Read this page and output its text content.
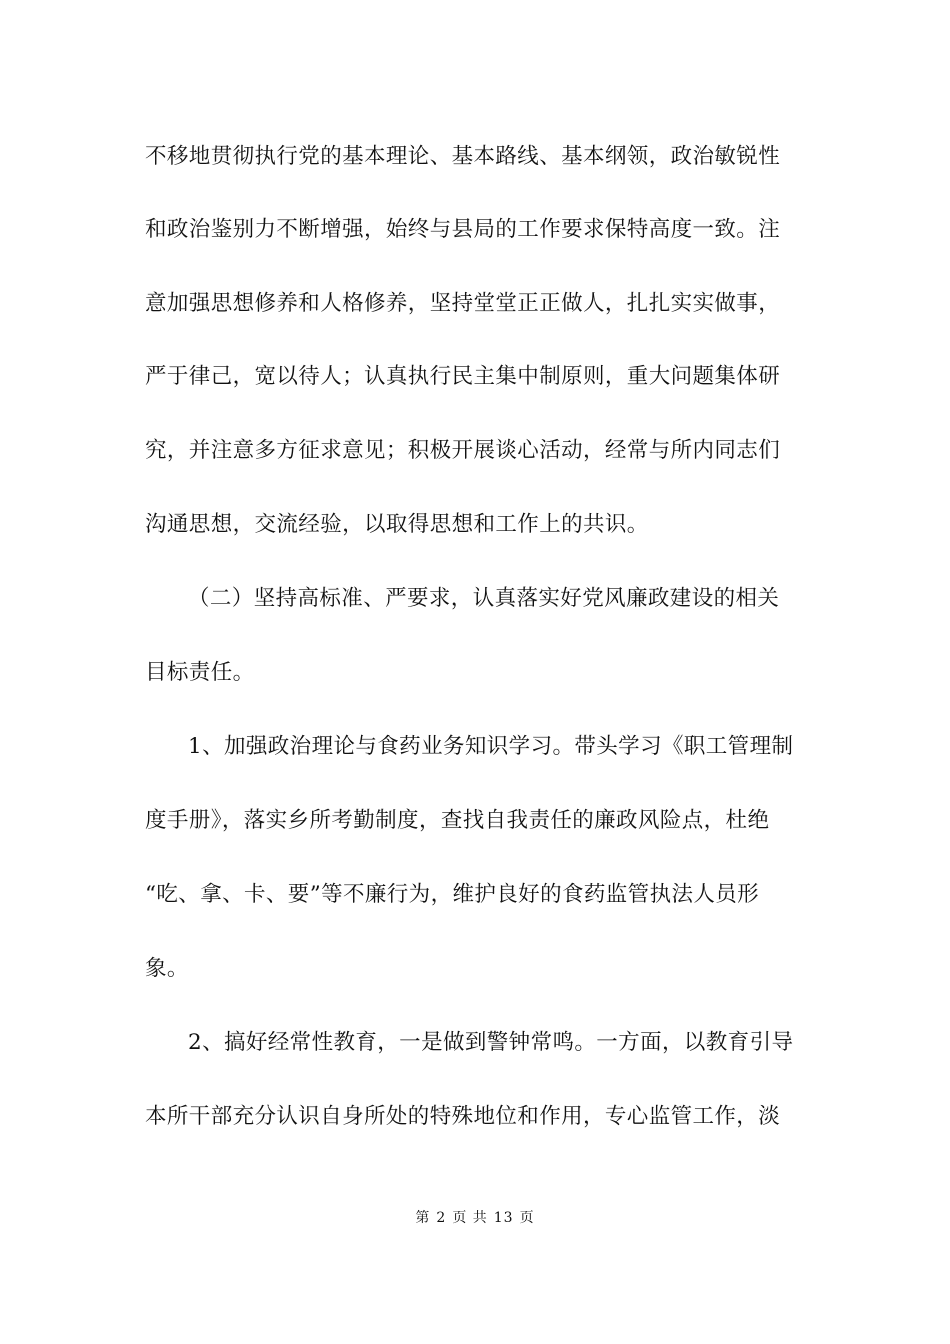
不移地贯彻执行党的基本理论、基本路线、基本纲领，政治敏锐性
和政治鉴别力不断增强，始终与县局的工作要求保特高度一致。注
意加强思想修养和人格修养，坚持堂堂正正做人，扎扎实实做事，
严于律己，宽以待人；认真执行民主集中制原则，重大问题集体研
究，并注意多方征求意见；积极开展谈心活动，经常与所内同志们
沟通思想，交流经验，以取得思想和工作上的共识。
（二）坚持高标准、严要求，认真落实好党风廉政建设的相关
目标责任。
1、加强政治理论与食药业务知识学习。带头学习《职工管理制
度手册》，落实乡所考勤制度，查找自我责任的廉政风险点，杜绝
“吃、拿、卡、要”等不廉行为，维护良好的食药监管执法人员形
象。
2、搞好经常性教育，一是做到警钟常鸣。一方面，以教育引导
本所干部充分认识自身所处的特殊地位和作用，专心监管工作，淡
第 2 页 共 13 页
